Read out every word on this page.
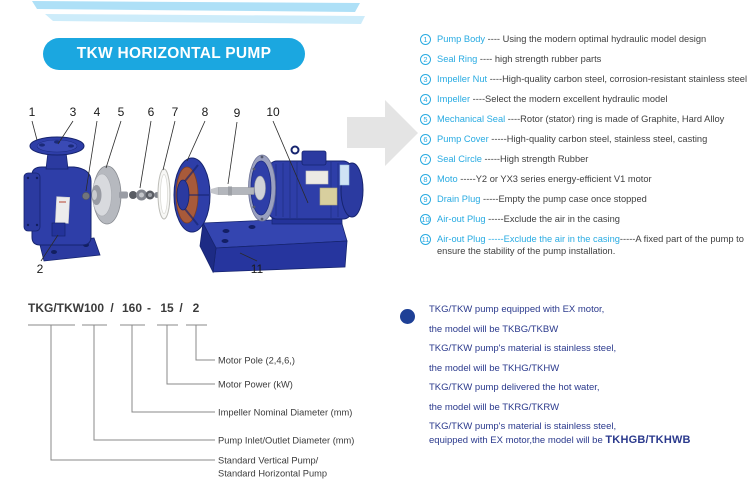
TKW HORIZONTAL PUMP
1	3 4 5 6 7 8 9 10
2	11
1	Pump Body ---- Using the modern optimal hydraulic model design
2	Seal Ring ---- high strength rubber parts
3	Impeller Nut ----High-quality carbon steel, corrosion-resistant stainless steel
4	Impeller ----Select the modern excellent hydraulic model
5	Mechanical Seal ----Rotor (stator) ring is made of Graphite, Hard Alloy
6	Pump Cover -----High-quality carbon steel, stainless steel, casting
7	Seal Circle -----High strength Rubber
8	Moto -----Y2 or YX3 series energy-efficient V1 motor
9	Drain Plug -----Empty the pump case once stopped
10 Air-out Plug -----Exclude the air in the casing
11 Air-out Plug -----Exclude the air in the casing-----A fixed part of the pump to ensure the stability of the pump installation.
TKG/TKW 100 / 160 - 15 / 2
Motor Pole (2,4,6,)
Motor Power (kW)
Impeller Nominal Diameter (mm)
Pump Inlet/Outlet Diameter (mm)
Standard Vertical Pump/
Standard Horizontal Pump
TKG/TKW pump equipped with EX motor,
the model will be TKBG/TKBW
TKG/TKW pump's material is stainless steel,
the model will be TKHG/TKHW
TKG/TKW pump delivered the hot water,
the model will be TKRG/TKRW
TKG/TKW pump's material is stainless steel,
equipped with EX motor,the model will be TKHGB/TKHWB
